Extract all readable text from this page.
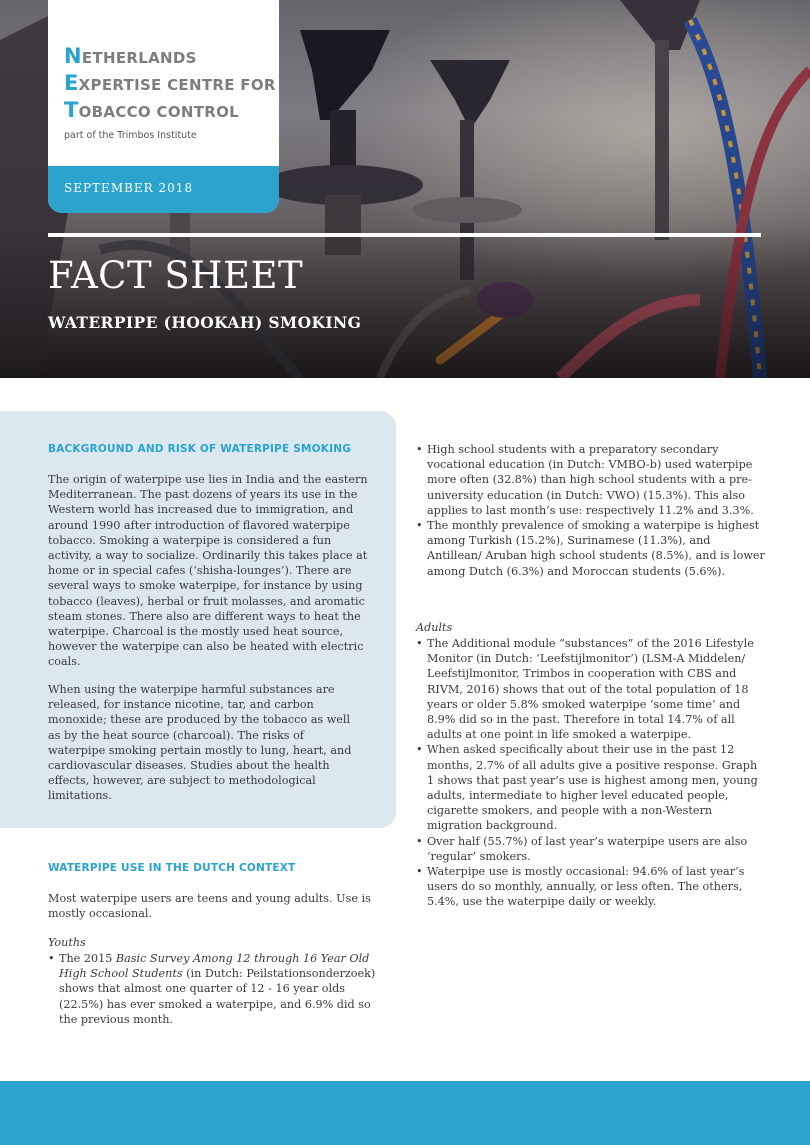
NETHERLANDS
EXPERTISE CENTRE FOR
TOBACCO CONTROL
part of the Trimbos Institute
SEPTEMBER 2018
FACT SHEET
WATERPIPE (HOOKAH) SMOKING
BACKGROUND AND RISK OF WATERPIPE SMOKING

The origin of waterpipe use lies in India and the eastern Mediterranean. The past dozens of years its use in the Western world has increased due to immigration, and around 1990 after introduction of flavored waterpipe tobacco. Smoking a waterpipe is considered a fun activity, a way to socialize. Ordinarily this takes place at home or in special cafes (‘shisha-lounges’). There are several ways to smoke waterpipe, for instance by using tobacco (leaves), herbal or fruit molasses, and aromatic steam stones. There also are different ways to heat the waterpipe. Charcoal is the mostly used heat source, however the waterpipe can also be heated with electric coals.

When using the waterpipe harmful substances are released, for instance nicotine, tar, and carbon monoxide; these are produced by the tobacco as well as by the heat source (charcoal). The risks of waterpipe smoking pertain mostly to lung, heart, and cardiovascular diseases. Studies about the health effects, however, are subject to methodological limitations.

WATERPIPE USE IN THE DUTCH CONTEXT

Most waterpipe users are teens and young adults. Use is mostly occasional.

Youths
• The 2015 Basic Survey Among 12 through 16 Year Old High School Students (in Dutch: Peilstationsonderzoek) shows that almost one quarter of 12 - 16 year olds (22.5%) has ever smoked a waterpipe, and 6.9% did so the previous month.
• High school students with a preparatory secondary vocational education (in Dutch: VMBO-b) used waterpipe more often (32.8%) than high school students with a pre-university education (in Dutch: VWO) (15.3%). This also applies to last month’s use: respectively 11.2% and 3.3%.
• The monthly prevalence of smoking a waterpipe is highest among Turkish (15.2%), Surinamese (11.3%), and Antillean/ Aruban high school students (8.5%), and is lower among Dutch (6.3%) and Moroccan students (5.6%).
Adults
• The Additional module “substances” of the 2016 Lifestyle Monitor (in Dutch: ‘Leefstijlmonitor’) (LSM-A Middelen/ Leefstijlmonitor, Trimbos in cooperation with CBS and RIVM, 2016) shows that out of the total population of 18 years or older 5.8% smoked waterpipe ‘some time’ and 8.9% did so in the past. Therefore in total 14.7% of all adults at one point in life smoked a waterpipe.
• When asked specifically about their use in the past 12 months, 2.7% of all adults give a positive response. Graph 1 shows that past year’s use is highest among men, young adults, intermediate to higher level educated people, cigarette smokers, and people with a non-Western migration background.
• Over half (55.7%) of last year’s waterpipe users are also ‘regular’ smokers.
• Waterpipe use is mostly occasional: 94.6% of last year’s users do so monthly, annually, or less often. The others, 5.4%, use the waterpipe daily or weekly.
